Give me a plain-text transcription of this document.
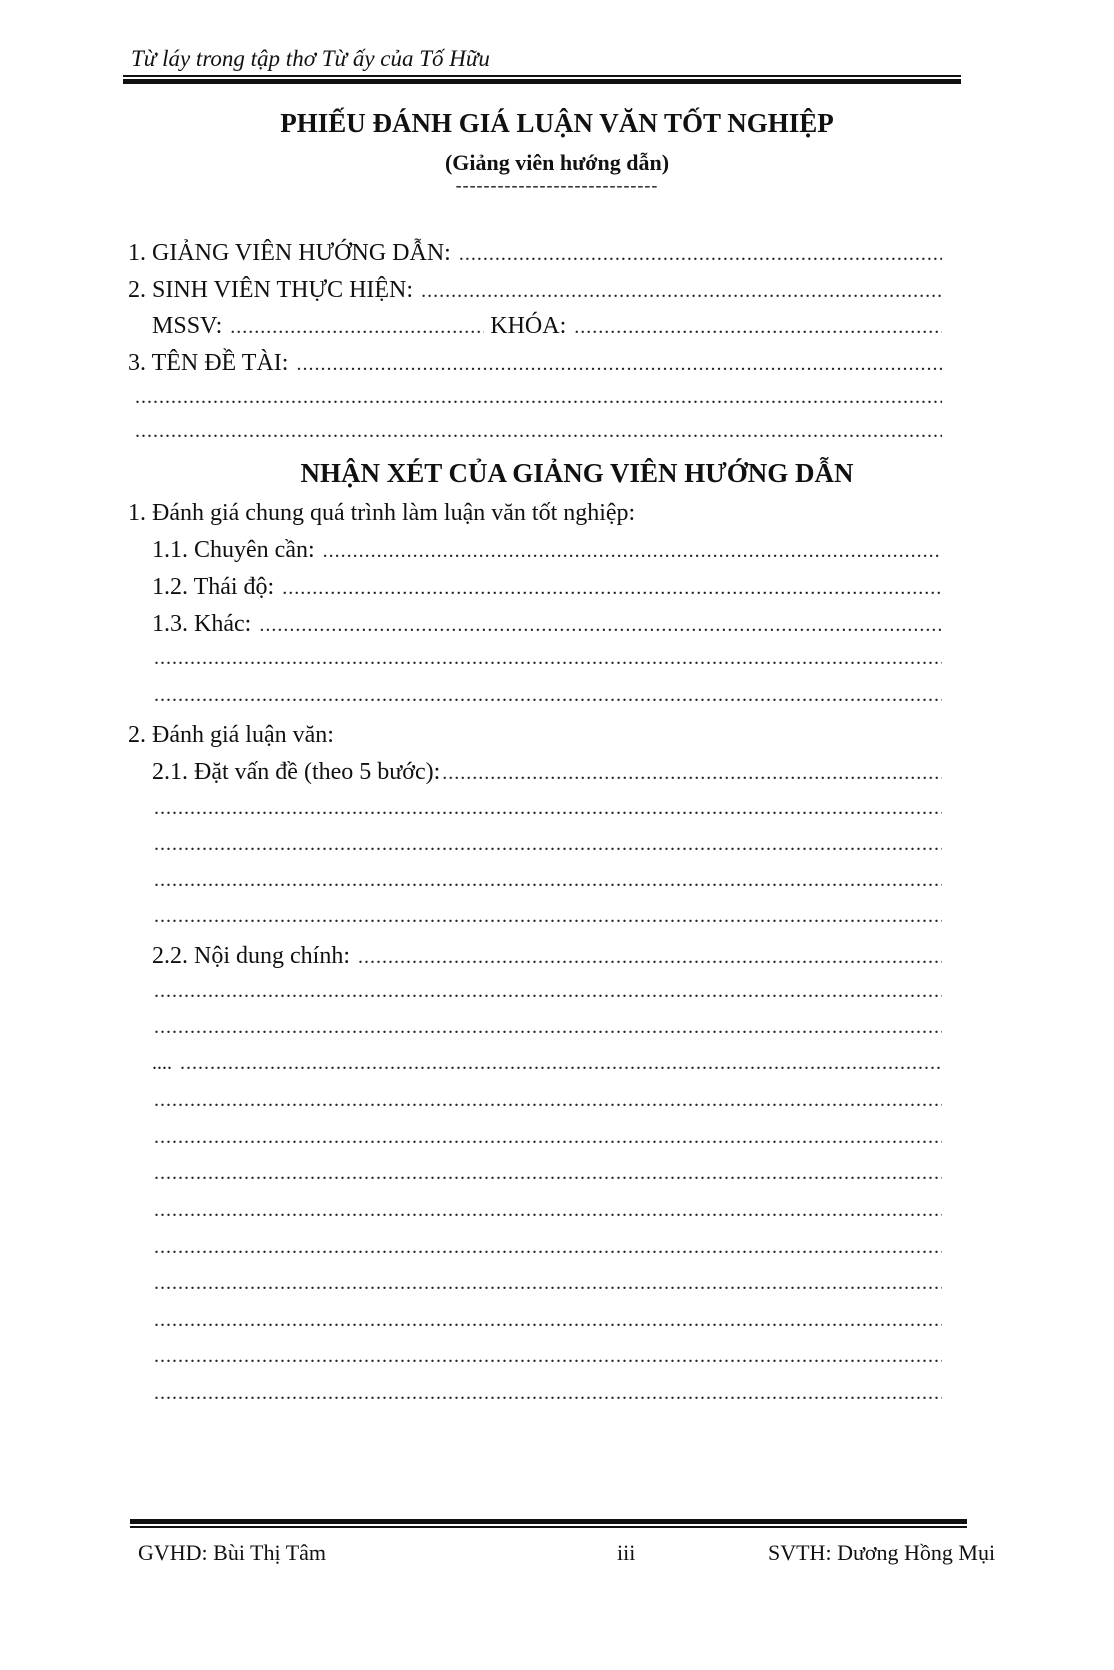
Từ láy trong tập thơ Từ ấy của Tố Hữu
PHIẾU ĐÁNH GIÁ LUẬN VĂN TỐT NGHIỆP
(Giảng viên hướng dẫn)
-----------------------------
1. GIẢNG VIÊN HƯỚNG DẪN:
.....
2. SINH VIÊN THỰC HIỆN:
.....
MSSV:
.....	KHÓA:
.....
3. TÊN ĐỀ TÀI:
.....
.....
.....
NHẬN XÉT CỦA GIẢNG VIÊN HƯỚNG DẪN
1. Đánh giá chung quá trình làm luận văn tốt nghiệp:
1.1. Chuyên cần:
.....
1.2. Thái độ:
.....
1.3. Khác:
.....
.....
.....
2. Đánh giá luận văn:
2.1. Đặt vấn đề (theo 5 bước):
.....
.....
.....
.....
.....
2.2. Nội dung chính:
.....
.....
.....
....
.....
.....
.....
.....
.....
.....
.....
.....
.....
.....
GVHD: Bùi Thị Tâm	iii	SVTH: Dương Hồng Mụi
